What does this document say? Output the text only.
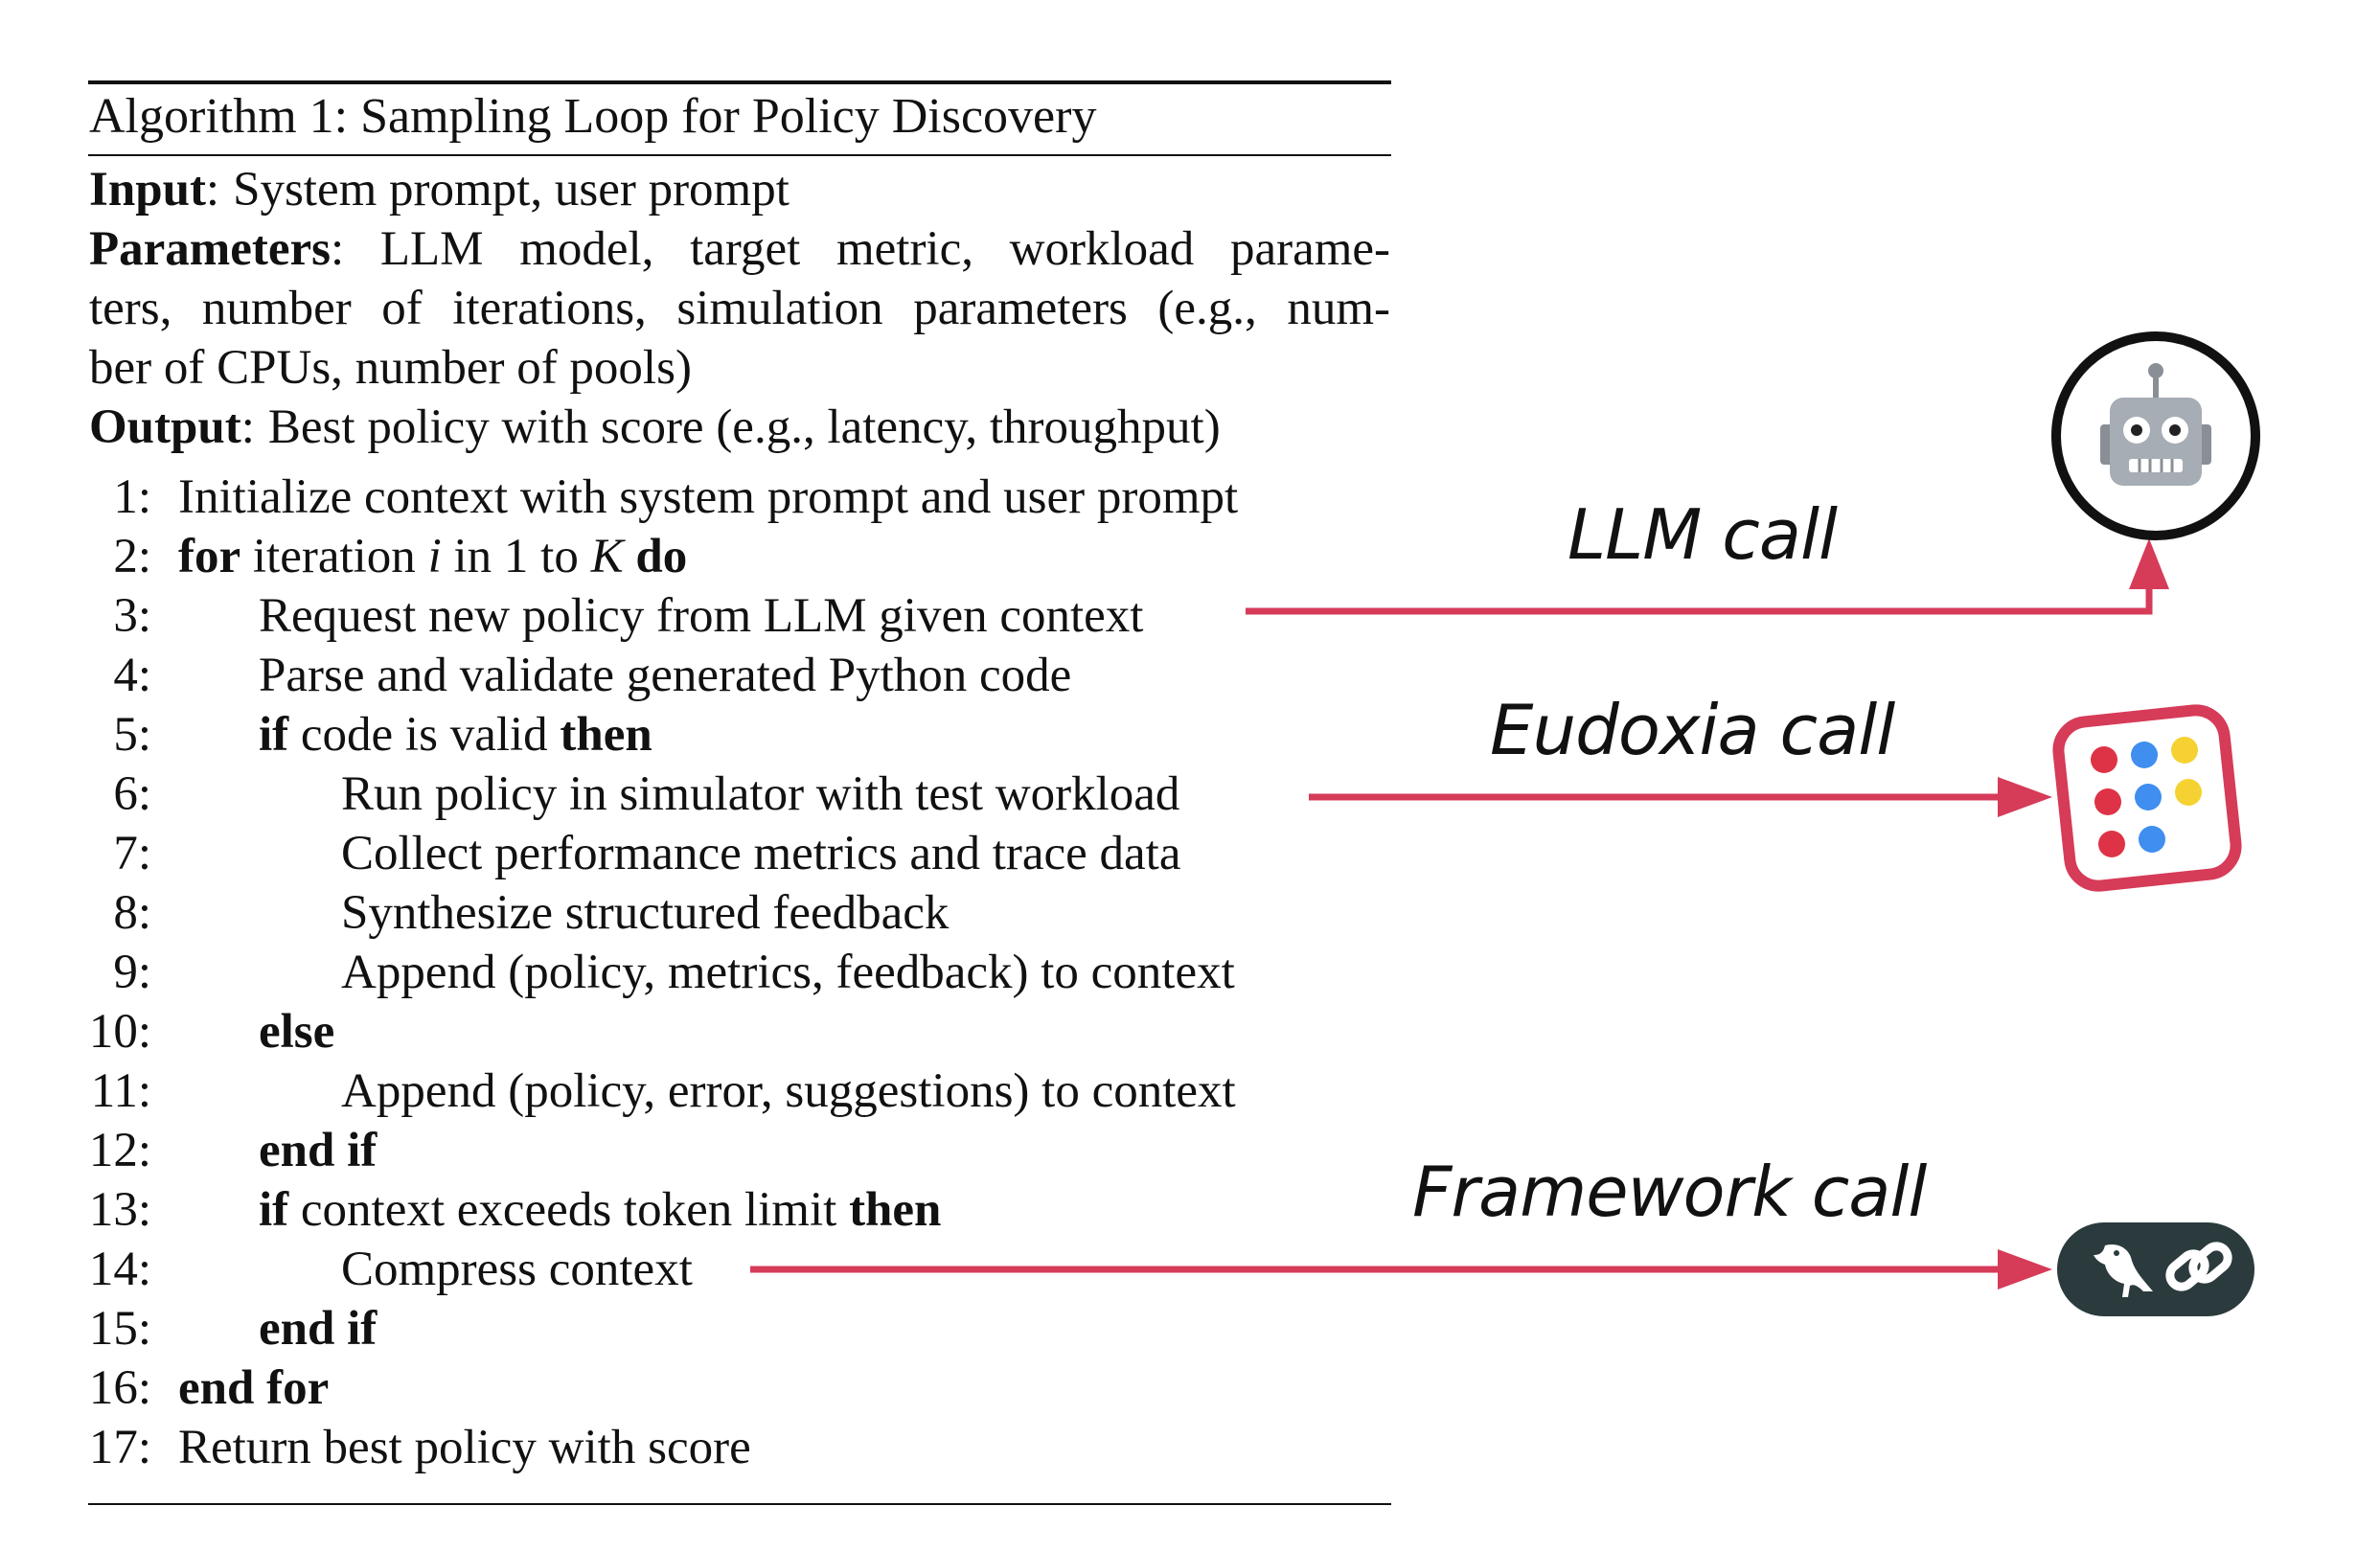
Algorithm 1: Sampling Loop for Policy Discovery
Input: System prompt, user prompt
Parameters: LLM model, target metric, workload parame-
ters, number of iterations, simulation parameters (e.g., num-
ber of CPUs, number of pools)
Output: Best policy with score (e.g., latency, throughput)
1: Initialize context with system prompt and user prompt
2: for iteration i in 1 to K do
3: Request new policy from LLM given context
4: Parse and validate generated Python code
5: if code is valid then
6:	Run policy in simulator with test workload
7:	Collect performance metrics and trace data
8:	Synthesize structured feedback
9:	Append (policy, metrics, feedback) to context
10: else
11:	Append (policy, error, suggestions) to context
12: end if
13: if context exceeds token limit then
14:	Compress context
15: end if
16: end for
17: Return best policy with score
LLM call
Eudoxia call
Framework call
